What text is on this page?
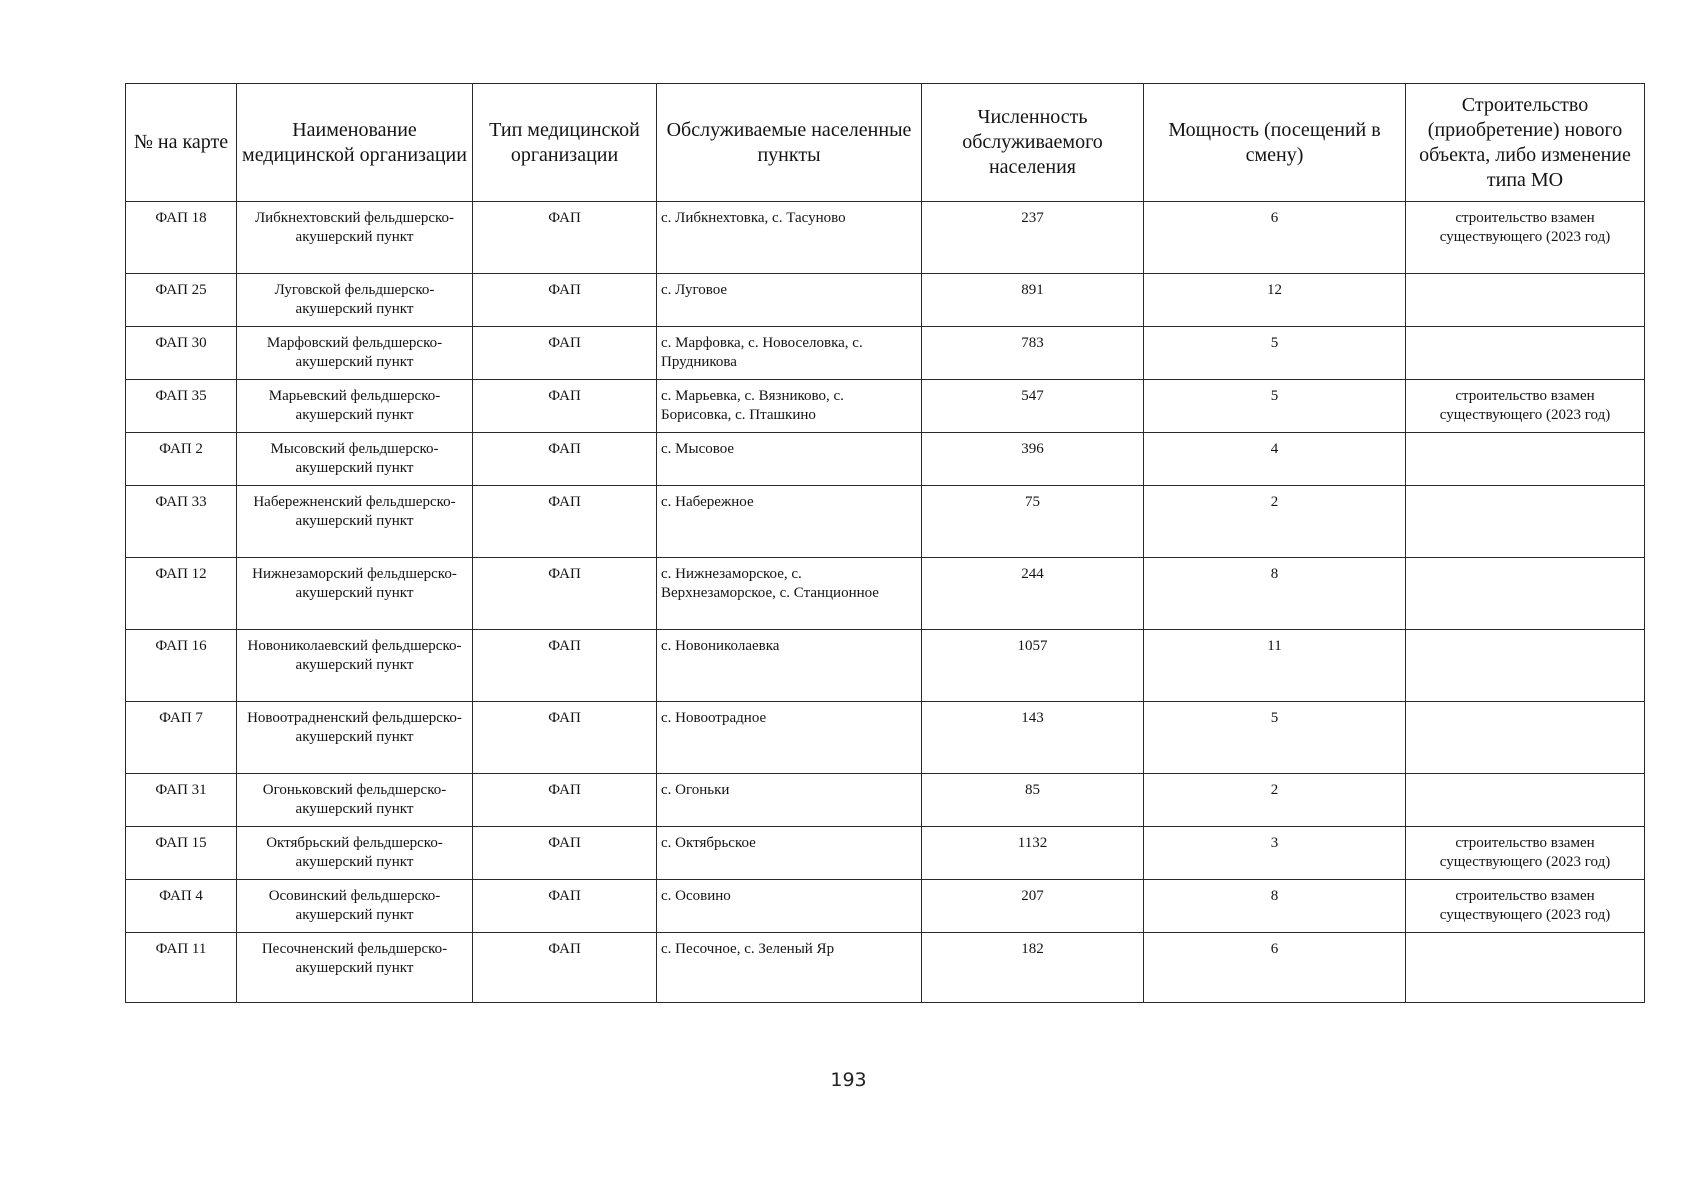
№ на карте	Наименование медицинской организации	Тип медицинской организации	Обслуживаемые населенные пункты	Численность обслуживаемого населения	Мощность (посещений в смену)	Строительство (приобретение) нового объекта, либо изменение типа МО
ФАП 18	Либкнехтовский фельдшерско- акушерский пункт	ФАП	с. Либкнехтовка, с. Тасуново	237	6	строительство взамен существующего (2023 год)
ФАП 25	Луговской фельдшерско- акушерский пункт	ФАП	с. Луговое	891	12	
ФАП 30	Марфовский фельдшерско- акушерский пункт	ФАП	с. Марфовка, с. Новоселовка, с. Прудникова	783	5	
ФАП 35	Марьевский фельдшерско- акушерский пункт	ФАП	с. Марьевка, с. Вязниково, с. Борисовка, с. Пташкино	547	5	строительство взамен существующего (2023 год)
ФАП 2	Мысовский фельдшерско- акушерский пункт	ФАП	с. Мысовое	396	4	
ФАП 33	Набережненский фельдшерско- акушерский пункт	ФАП	с. Набережное	75	2	
ФАП 12	Нижнезаморский фельдшерско- акушерский пункт	ФАП	с. Нижнезаморское, с. Верхнезаморское, с. Станционное	244	8	
ФАП 16	Новониколаевский фельдшерско- акушерский пункт	ФАП	с. Новониколаевка	1057	11	
ФАП 7	Новоотрадненский фельдшерско- акушерский пункт	ФАП	с. Новоотрадное	143	5	
ФАП 31	Огоньковский фельдшерско- акушерский пункт	ФАП	с. Огоньки	85	2	
ФАП 15	Октябрьский фельдшерско- акушерский пункт	ФАП	с. Октябрьское	1132	3	строительство взамен существующего (2023 год)
ФАП 4	Осовинский фельдшерско- акушерский пункт	ФАП	с. Осовино	207	8	строительство взамен существующего (2023 год)
ФАП 11	Песочненский фельдшерско- акушерский пункт	ФАП	с. Песочное, с. Зеленый Яр	182	6	
193
